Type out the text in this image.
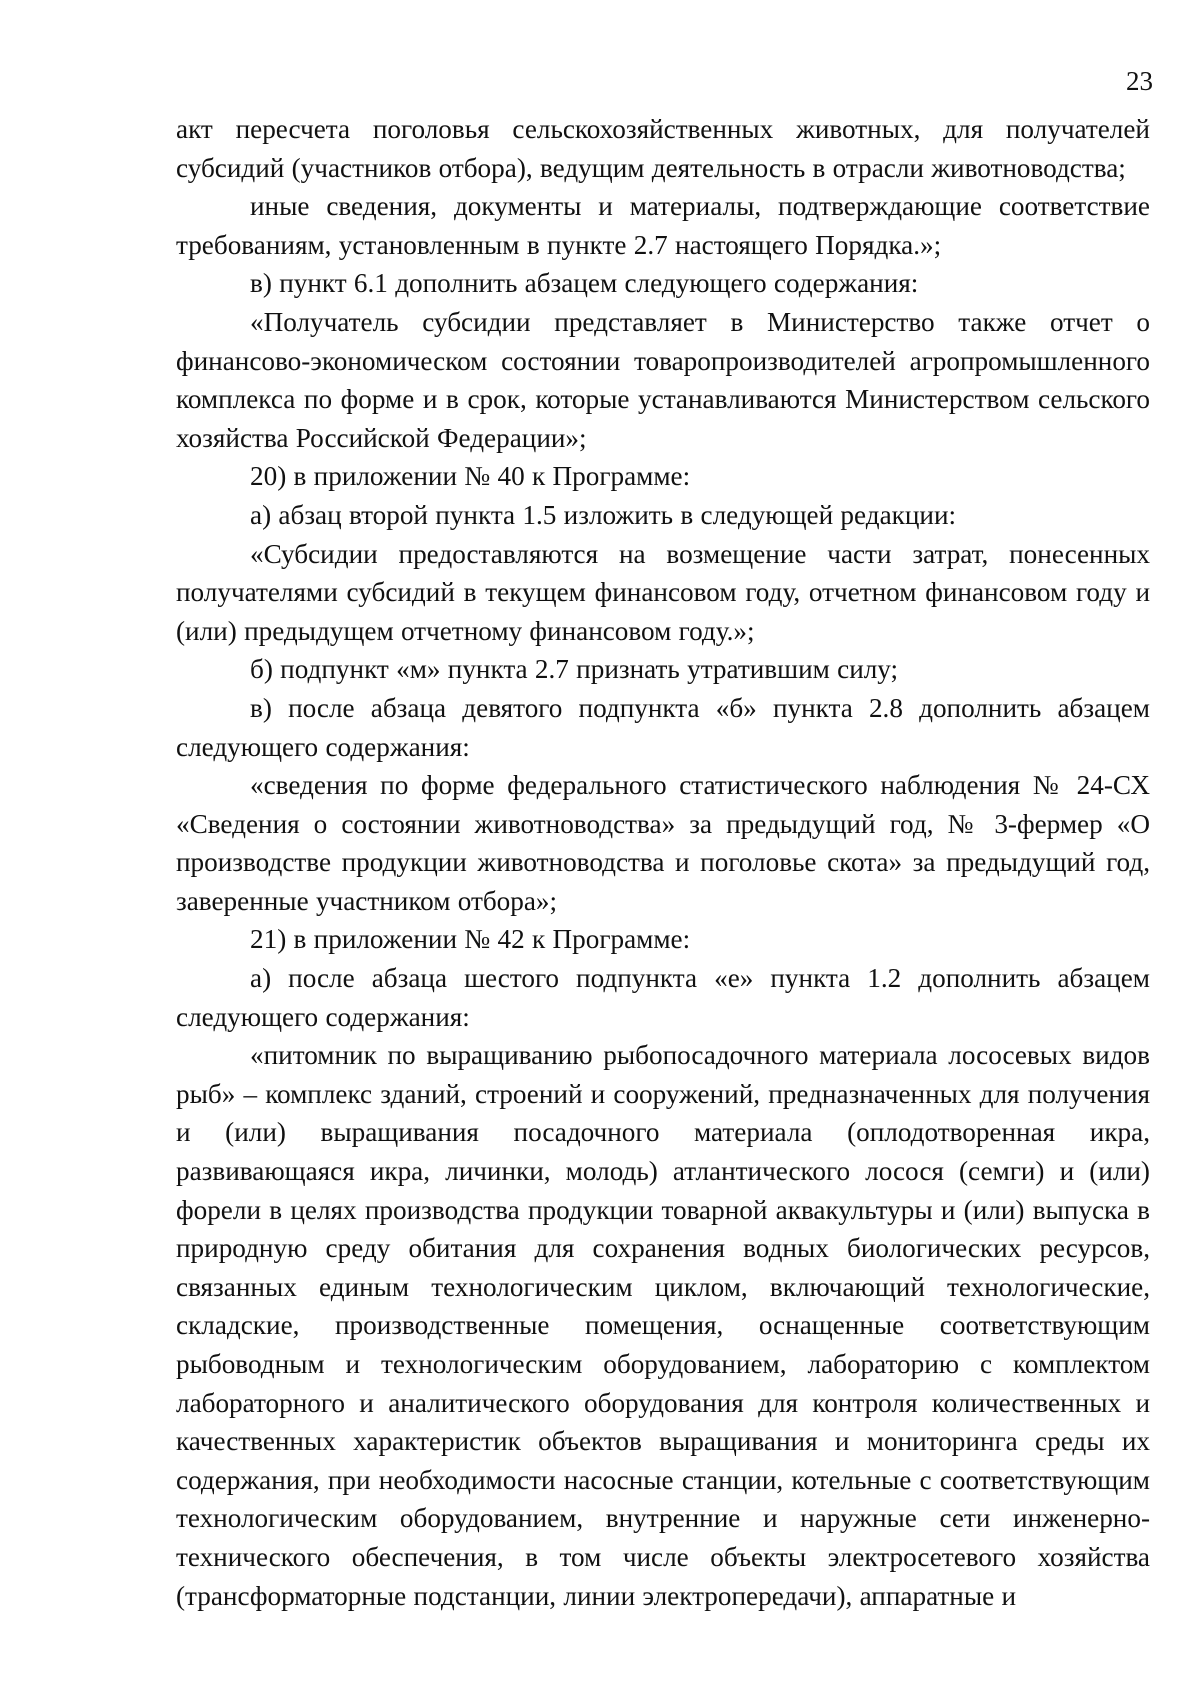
23

акт пересчета поголовья сельскохозяйственных животных, для получателей субсидий (участников отбора), ведущим деятельность в отрасли животноводства;

иные сведения, документы и материалы, подтверждающие соответствие требованиям, установленным в пункте 2.7 настоящего Порядка.»;

в) пункт 6.1 дополнить абзацем следующего содержания:

«Получатель субсидии представляет в Министерство также отчет о финансово-экономическом состоянии товаропроизводителей агропромышленного комплекса по форме и в срок, которые устанавливаются Министерством сельского хозяйства Российской Федерации»;

20) в приложении № 40 к Программе:

а) абзац второй пункта 1.5 изложить в следующей редакции:

«Субсидии предоставляются на возмещение части затрат, понесенных получателями субсидий в текущем финансовом году, отчетном финансовом году и (или) предыдущем отчетному финансовом году.»;

б) подпункт «м» пункта 2.7 признать утратившим силу;

в) после абзаца девятого подпункта «б» пункта 2.8 дополнить абзацем следующего содержания:

«сведения по форме федерального статистического наблюдения № 24-СХ «Сведения о состоянии животноводства» за предыдущий год, № 3-фермер «О производстве продукции животноводства и поголовье скота» за предыдущий год, заверенные участником отбора»;

21) в приложении № 42 к Программе:

а) после абзаца шестого подпункта «е» пункта 1.2 дополнить абзацем следующего содержания:

«питомник по выращиванию рыбопосадочного материала лососевых видов рыб» – комплекс зданий, строений и сооружений, предназначенных для получения и (или) выращивания посадочного материала (оплодотворенная икра, развивающаяся икра, личинки, молодь) атлантического лосося (семги) и (или) форели в целях производства продукции товарной аквакультуры и (или) выпуска в природную среду обитания для сохранения водных биологических ресурсов, связанных единым технологическим циклом, включающий технологические, складские, производственные помещения, оснащенные соответствующим рыбоводным и технологическим оборудованием, лабораторию с комплектом лабораторного и аналитического оборудования для контроля количественных и качественных характеристик объектов выращивания и мониторинга среды их содержания, при необходимости насосные станции, котельные с соответствующим технологическим оборудованием, внутренние и наружные сети инженерно-технического обеспечения, в том числе объекты электросетевого хозяйства (трансформаторные подстанции, линии электропередачи), аппаратные и
